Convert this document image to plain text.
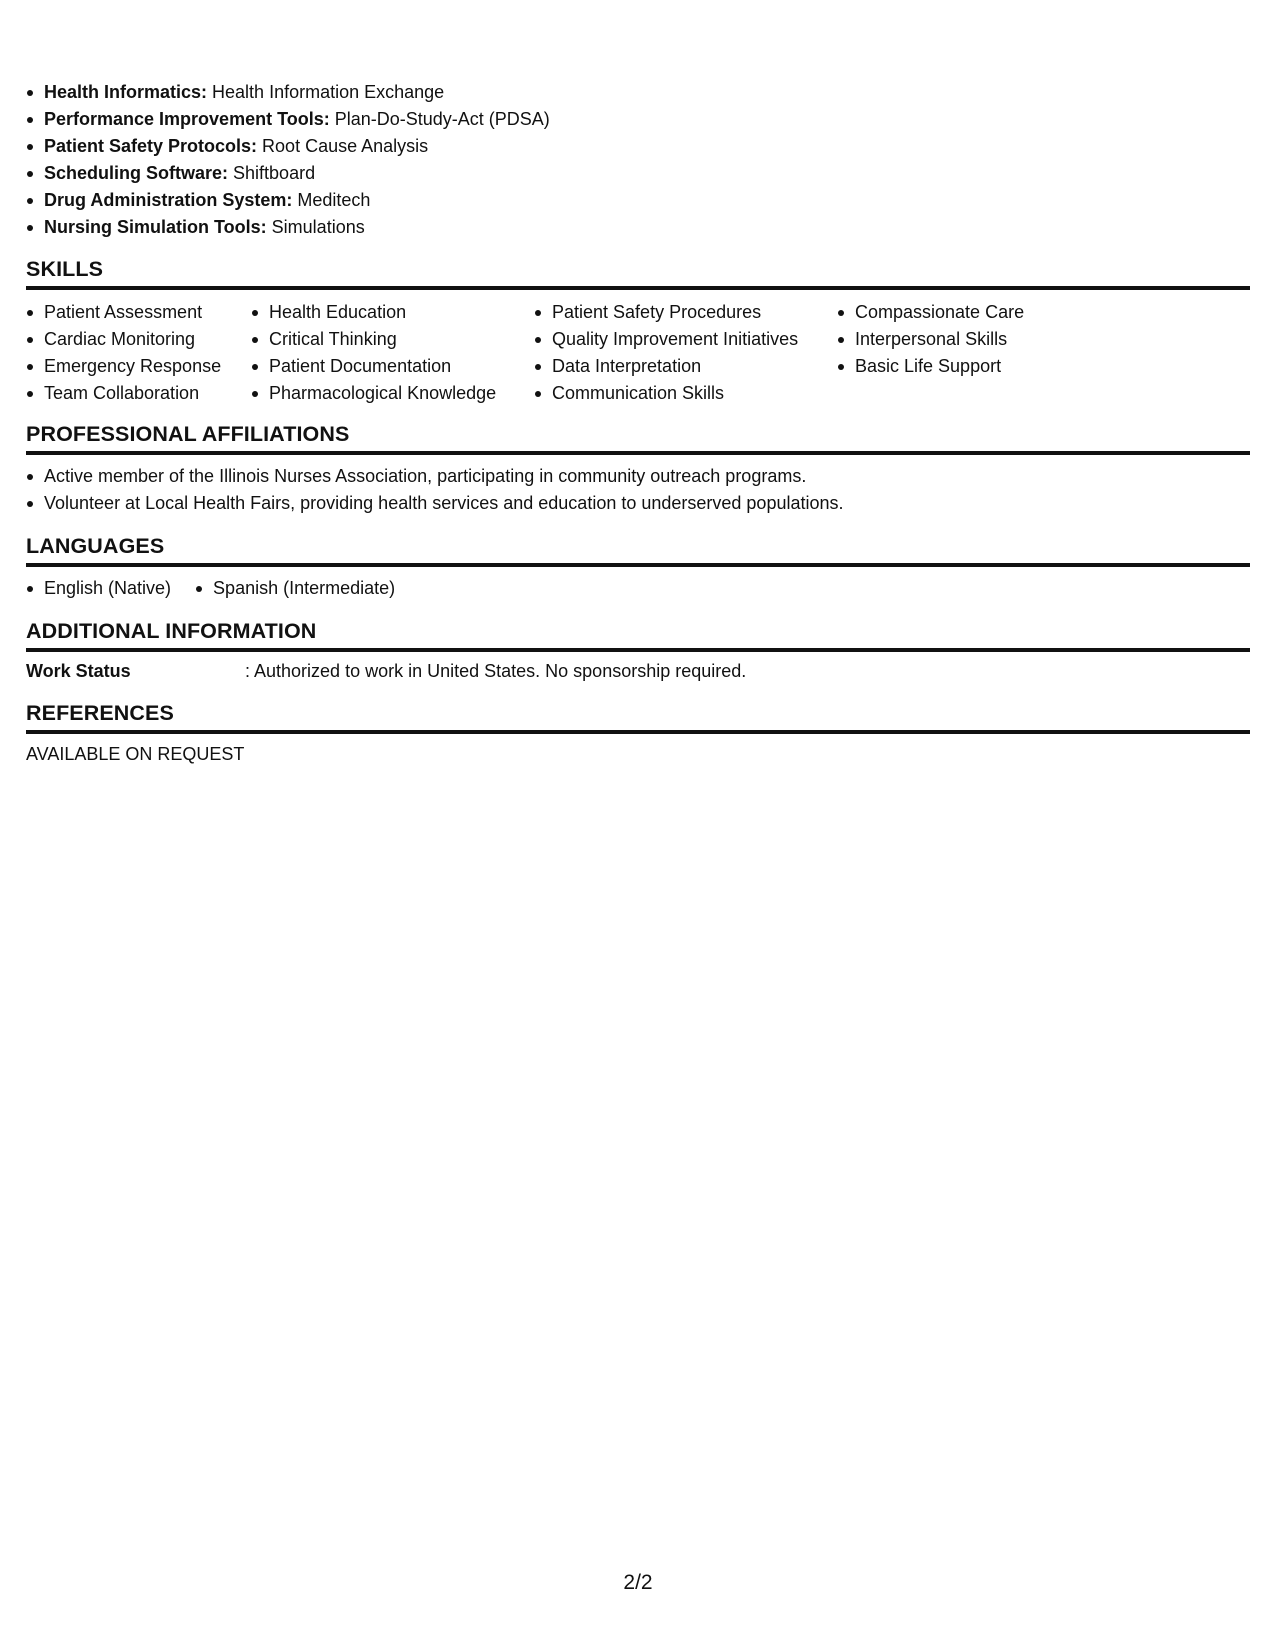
Health Informatics: Health Information Exchange
Performance Improvement Tools: Plan-Do-Study-Act (PDSA)
Patient Safety Protocols: Root Cause Analysis
Scheduling Software: Shiftboard
Drug Administration System: Meditech
Nursing Simulation Tools: Simulations
SKILLS
Patient Assessment
Cardiac Monitoring
Emergency Response
Team Collaboration
Health Education
Critical Thinking
Patient Documentation
Pharmacological Knowledge
Patient Safety Procedures
Quality Improvement Initiatives
Data Interpretation
Communication Skills
Compassionate Care
Interpersonal Skills
Basic Life Support
PROFESSIONAL AFFILIATIONS
Active member of the Illinois Nurses Association, participating in community outreach programs.
Volunteer at Local Health Fairs, providing health services and education to underserved populations.
LANGUAGES
English (Native)	Spanish (Intermediate)
ADDITIONAL INFORMATION
Work Status	: Authorized to work in United States. No sponsorship required.
REFERENCES
AVAILABLE ON REQUEST
2/2
